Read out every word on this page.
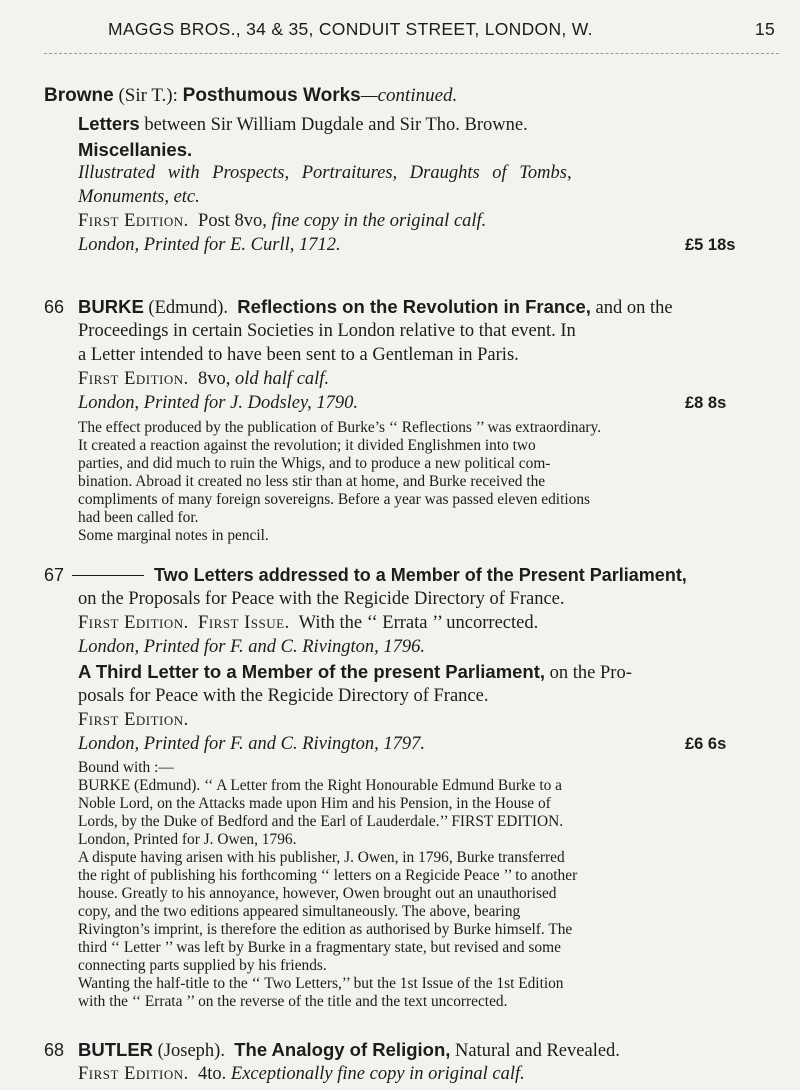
MAGGS BROS., 34 & 35, CONDUIT STREET, LONDON, W.	15
Browne (Sir T.): Posthumous Works—continued.
Letters between Sir William Dugdale and Sir Tho. Browne.
Miscellanies.
Illustrated with Prospects, Portraitures, Draughts of Tombs,
Monuments, etc.
First Edition. Post 8vo, fine copy in the original calf.
London, Printed for E. Curll, 1712.	£5 18s
66 BURKE (Edmund). Reflections on the Revolution in France, and on the
Proceedings in certain Societies in London relative to that event. In
a Letter intended to have been sent to a Gentleman in Paris.
First Edition. 8vo, old half calf.
London, Printed for J. Dodsley, 1790.	£8 8s
The effect produced by the publication of Burke’s ‘‘ Reflections ’’ was extraordinary.
It created a reaction against the revolution; it divided Englishmen into two
parties, and did much to ruin the Whigs, and to produce a new political com-
bination. Abroad it created no less stir than at home, and Burke received the
compliments of many foreign sovereigns. Before a year was passed eleven editions
had been called for.
Some marginal notes in pencil.
67	Two Letters addressed to a Member of the Present Parliament,
on the Proposals for Peace with the Regicide Directory of France.
First Edition. First Issue. With the ‘‘ Errata ’’ uncorrected.
London, Printed for F. and C. Rivington, 1796.
A Third Letter to a Member of the present Parliament, on the Pro-
posals for Peace with the Regicide Directory of France.
First Edition.
London, Printed for F. and C. Rivington, 1797.	£6 6s
Bound with :—
BURKE (Edmund). ‘‘ A Letter from the Right Honourable Edmund Burke to a
Noble Lord, on the Attacks made upon Him and his Pension, in the House of
Lords, by the Duke of Bedford and the Earl of Lauderdale.’’ FIRST EDITION.
London, Printed for J. Owen, 1796.
A dispute having arisen with his publisher, J. Owen, in 1796, Burke transferred
the right of publishing his forthcoming ‘‘ letters on a Regicide Peace ’’ to another
house. Greatly to his annoyance, however, Owen brought out an unauthorised
copy, and the two editions appeared simultaneously. The above, bearing
Rivington’s imprint, is therefore the edition as authorised by Burke himself. The
third ‘‘ Letter ’’ was left by Burke in a fragmentary state, but revised and some
connecting parts supplied by his friends.
Wanting the half-title to the ‘‘ Two Letters,’’ but the 1st Issue of the 1st Edition
with the ‘‘ Errata ’’ on the reverse of the title and the text uncorrected.
68 BUTLER (Joseph). The Analogy of Religion, Natural and Revealed.
First Edition. 4to. Exceptionally fine copy in original calf.
